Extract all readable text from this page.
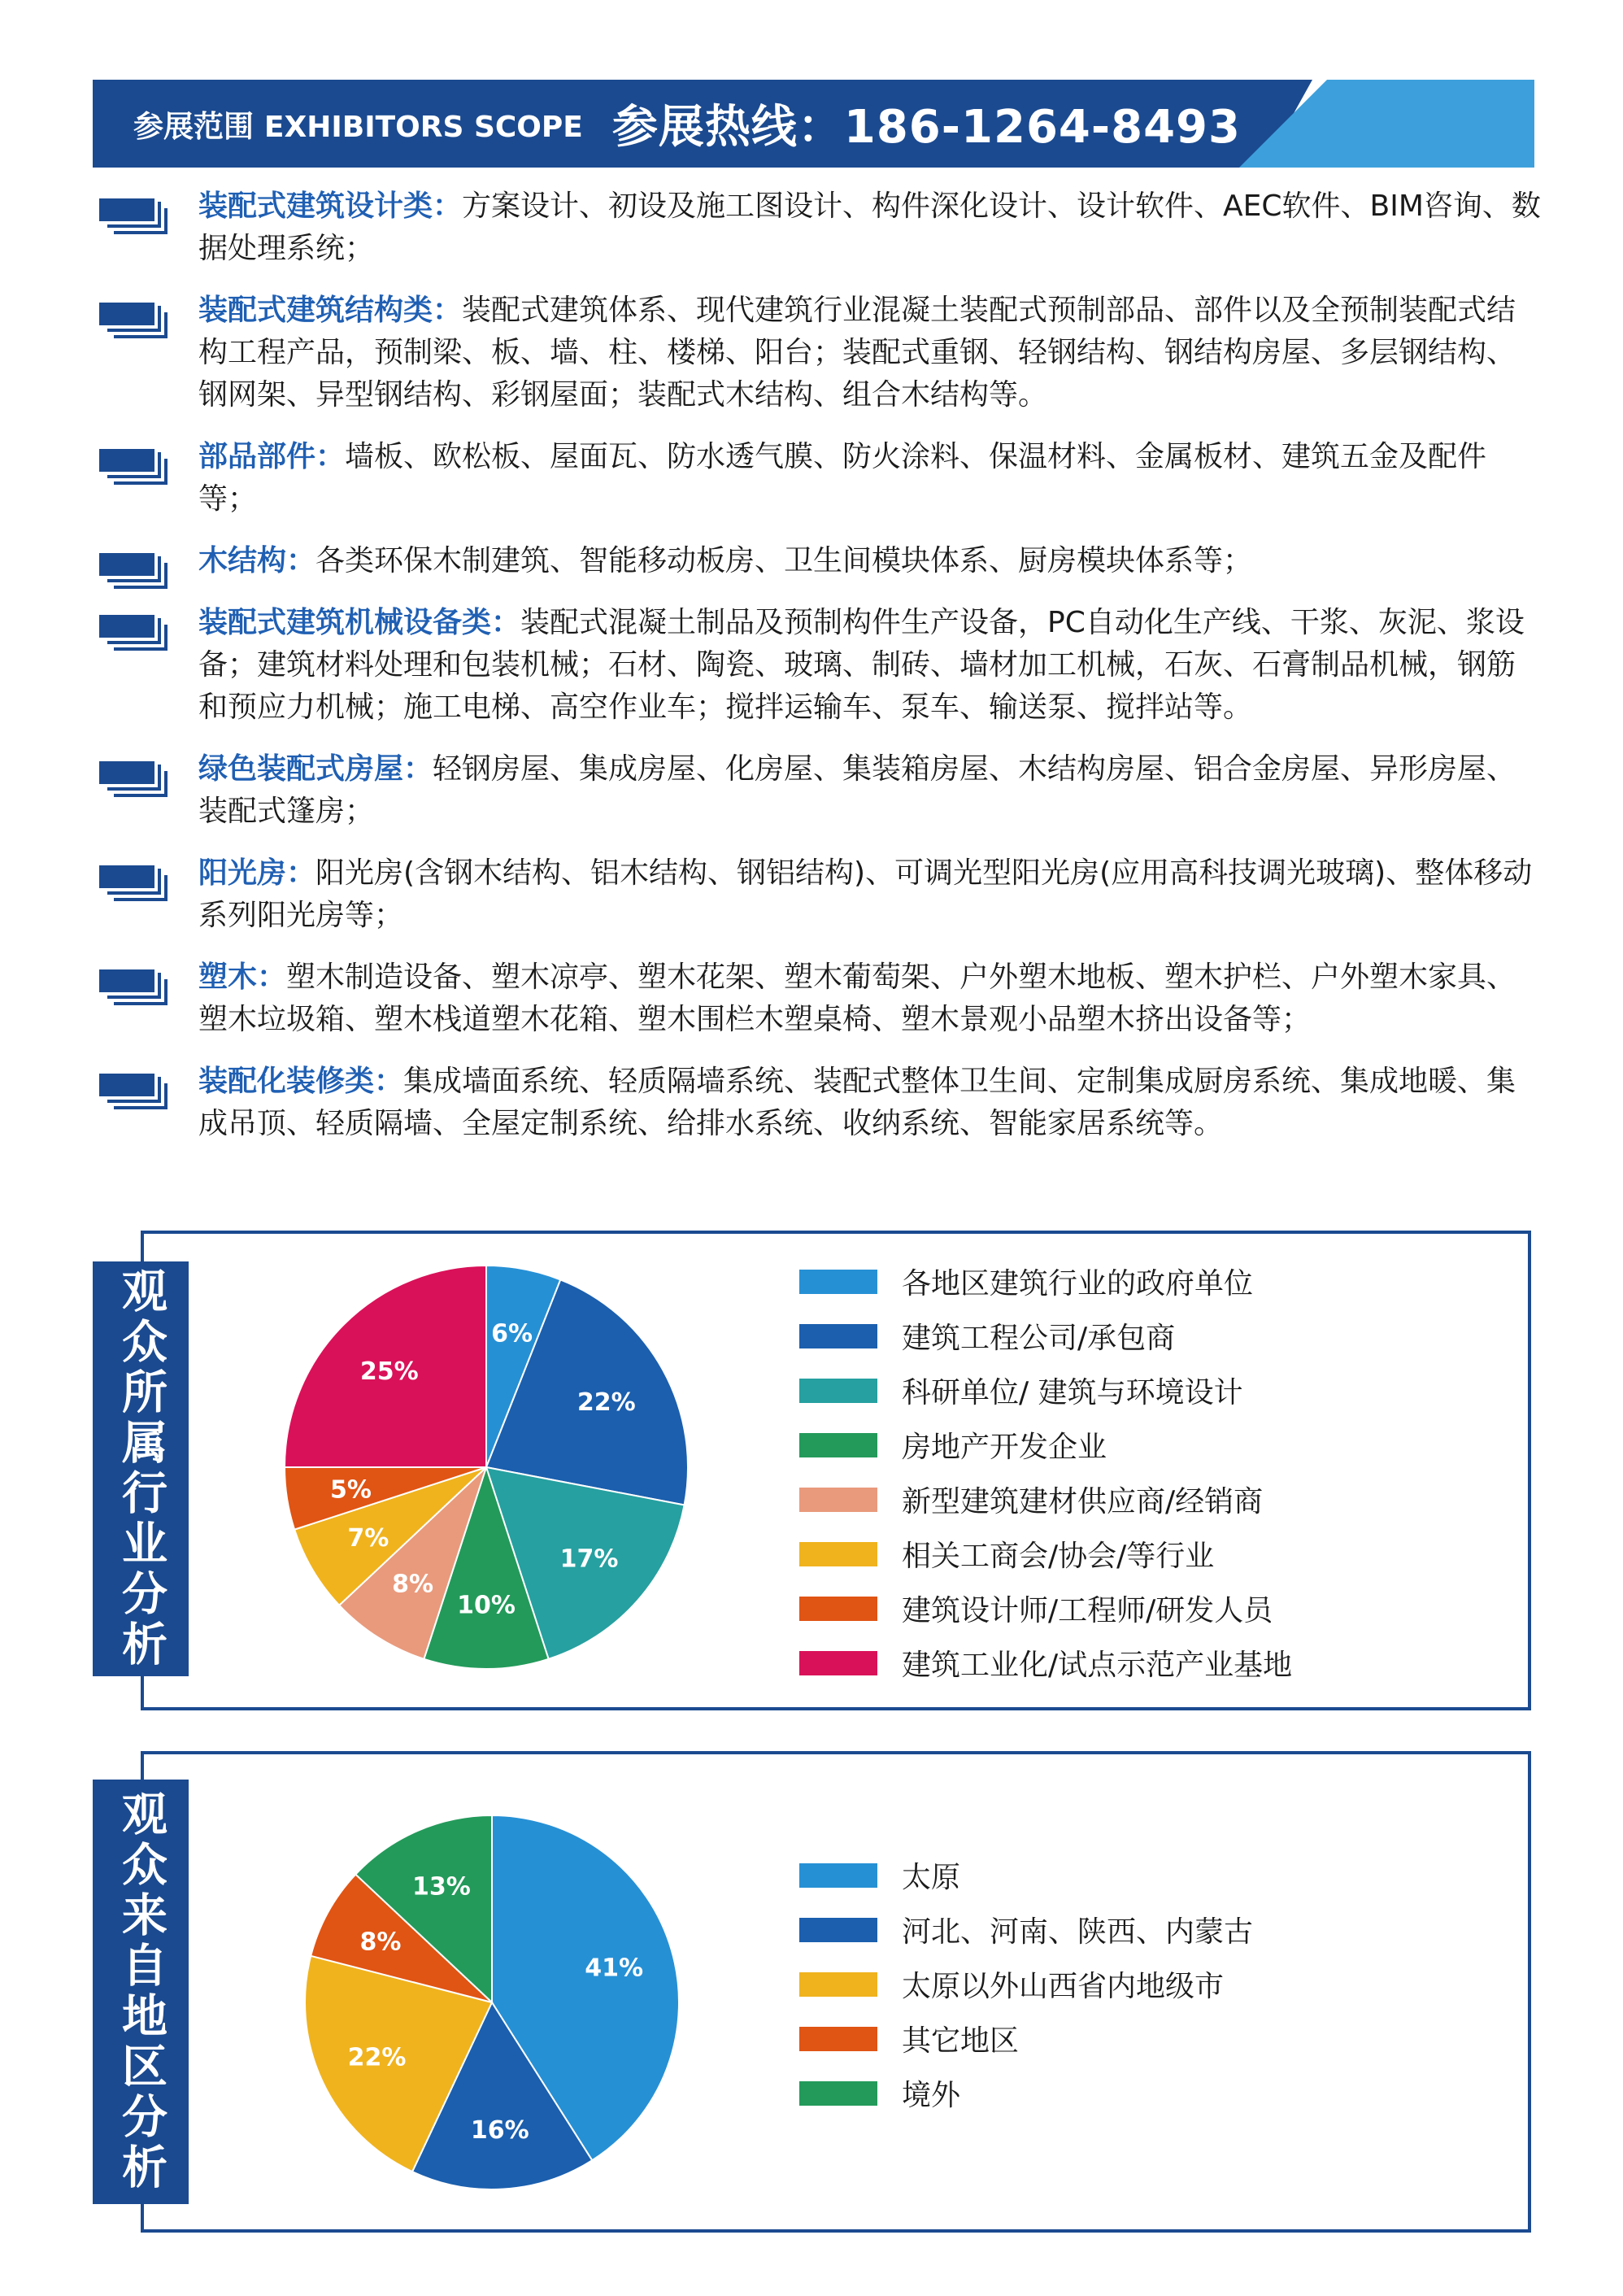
参展范围 EXHIBITORS SCOPE 参展热线：186-1264-8493
装配式建筑设计类：方案设计、初设及施工图设计、构件深化设计、设计软件、AEC软件、BIM咨询、数据处理系统；
装配式建筑结构类：装配式建筑体系、现代建筑行业混凝土装配式预制部品、部件以及全预制装配式结构工程产品，预制梁、板、墙、柱、楼梯、阳台；装配式重钢、轻钢结构、钢结构房屋、多层钢结构、钢网架、异型钢结构、彩钢屋面；装配式木结构、组合木结构等。
部品部件：墙板、欧松板、屋面瓦、防水透气膜、防火涂料、保温材料、金属板材、建筑五金及配件等；
木结构：各类环保木制建筑、智能移动板房、卫生间模块体系、厨房模块体系等；
装配式建筑机械设备类：装配式混凝土制品及预制构件生产设备，PC自动化生产线、干浆、灰泥、浆设备；建筑材料处理和包装机械；石材、陶瓷、玻璃、制砖、墙材加工机械，石灰、石膏制品机械，钢筋和预应力机械；施工电梯、高空作业车；搅拌运输车、泵车、输送泵、搅拌站等。
绿色装配式房屋：轻钢房屋、集成房屋、化房屋、集装箱房屋、木结构房屋、铝合金房屋、异形房屋、装配式篷房；
阳光房：阳光房(含钢木结构、铝木结构、钢铝结构)、可调光型阳光房(应用高科技调光玻璃)、整体移动系列阳光房等；
塑木：塑木制造设备、塑木凉亭、塑木花架、塑木葡萄架、户外塑木地板、塑木护栏、户外塑木家具、塑木垃圾箱、塑木栈道塑木花箱、塑木围栏木塑桌椅、塑木景观小品塑木挤出设备等；
装配化装修类：集成墙面系统、轻质隔墙系统、装配式整体卫生间、定制集成厨房系统、集成地暖、集成吊顶、轻质隔墙、全屋定制系统、给排水系统、收纳系统、智能家居系统等。
观众所属行业分析	6%
22%
17%
10%
8%
7%
5%
25%
各地区建筑行业的政府单位
建筑工程公司/承包商
科研单位/ 建筑与环境设计
房地产开发企业
新型建筑建材供应商/经销商
相关工商会/协会/等行业
建筑设计师/工程师/研发人员
建筑工业化/试点示范产业基地
观众来自地区分析	41%
16%
22%
8%
13%	太原
河北、河南、陕西、内蒙古
太原以外山西省内地级市
其它地区
境外
